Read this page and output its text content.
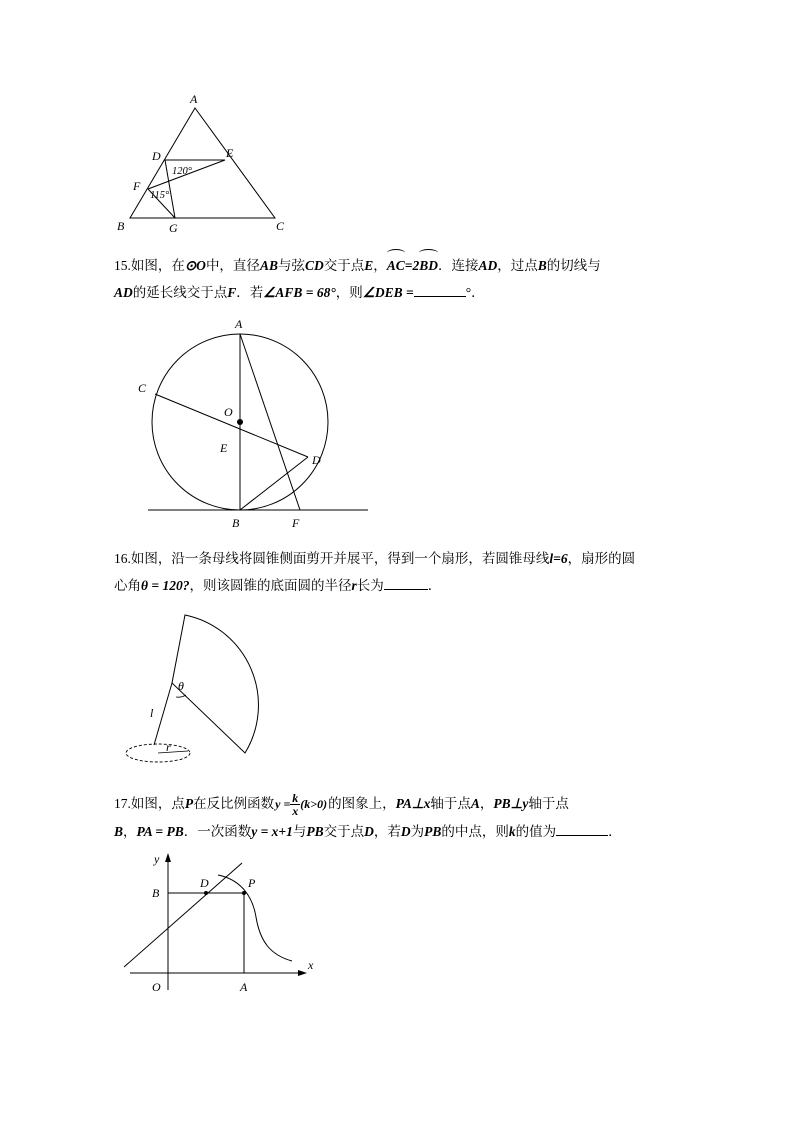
A
D	E
F
B	G	C
120°
115°
15.如图，在⊙O中，直径AB与弦CD交于点E，
AC=2
BD．连接AD，过点B的切线与
AD的延长线交于点F．若∠AFB = 68°，则∠DEB =	°．
A
C
O
E
D
B	F
16.如图，沿一条母线将圆锥侧面剪开并展平，得到一个扇形，若圆锥母线l=6，扇形的圆
心角θ = 120?，则该圆锥的底面圆的半径r长为	．
θ
l
r
17.如图，点P在反比例函数$y = \frac{k}{x} (k>0)$的图象上，PA⊥x轴于点A，PB⊥y轴于点
B，PA = PB．一次函数y = x+1与PB交于点D，若D为PB的中点，则k的值为	．
y
B
D	P
O	A
x
